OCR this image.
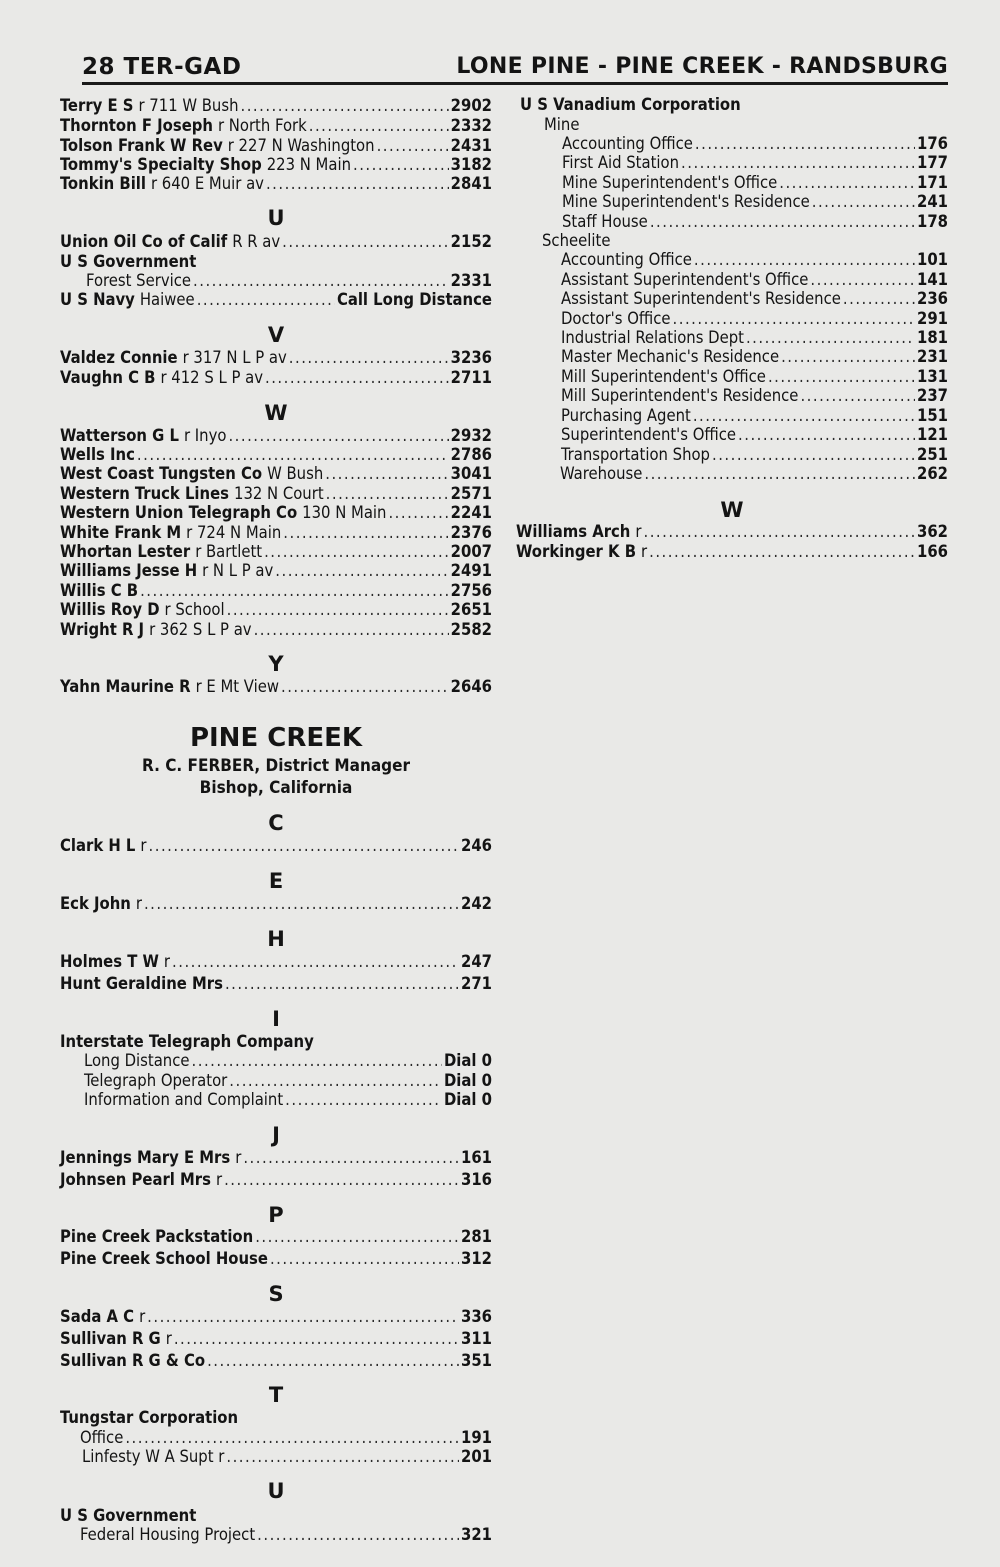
28 TER-GAD	LONE PINE - PINE CREEK - RANDSBURG
Terry E S r 711 W Bush .....	2902
Thornton F Joseph r North Fork .....	2332
Tolson Frank W Rev r 227 N Washington .....	2431
Tommy's Specialty Shop 223 N Main .....	3182
Tonkin Bill r 640 E Muir av .....	2841
U
Union Oil Co of Calif R R av .....	2152
U S Government
Forest Service .....	2331
U S Navy Haiwee .....	Call Long Distance
V
Valdez Connie r 317 N L P av .....	3236
Vaughn C B r 412 S L P av .....	2711
W
Watterson G L r Inyo .....	2932
Wells Inc .....	2786
West Coast Tungsten Co W Bush .....	3041
Western Truck Lines 132 N Court .....	2571
Western Union Telegraph Co 130 N Main .....	2241
White Frank M r 724 N Main .....	2376
Whortan Lester r Bartlett .....	2007
Williams Jesse H r N L P av .....	2491
Willis C B .....	2756
Willis Roy D r School .....	2651
Wright R J r 362 S L P av .....	2582
Y
Yahn Maurine R r E Mt View .....	2646
PINE CREEK
R. C. FERBER, District Manager
Bishop, California
C
Clark H L r .....	246
E
Eck John r .....	242
H
Holmes T W r .....	247
Hunt Geraldine Mrs .....	271
I
Interstate Telegraph Company
Long Distance .....	Dial 0
Telegraph Operator .....	Dial 0
Information and Complaint .....	Dial 0
J
Jennings Mary E Mrs r .....	161
Johnsen Pearl Mrs r .....	316
P
Pine Creek Packstation .....	281
Pine Creek School House .....	312
S
Sada A C r .....	336
Sullivan R G r .....	311
Sullivan R G & Co .....	351
T
Tungstar Corporation
Office .....	191
Linfesty W A Supt r .....	201
U
U S Government
Federal Housing Project .....	321
U S Vanadium Corporation
Mine
Accounting Office .....	176
First Aid Station .....	177
Mine Superintendent's Office .....	171
Mine Superintendent's Residence .....	241
Staff House .....	178
Scheelite
Accounting Office .....	101
Assistant Superintendent's Office .....	141
Assistant Superintendent's Residence .....	236
Doctor's Office .....	291
Industrial Relations Dept .....	181
Master Mechanic's Residence .....	231
Mill Superintendent's Office .....	131
Mill Superintendent's Residence .....	237
Purchasing Agent .....	151
Superintendent's Office .....	121
Transportation Shop .....	251
Warehouse .....	262
W
Williams Arch r .....	362
Workinger K B r .....	166
